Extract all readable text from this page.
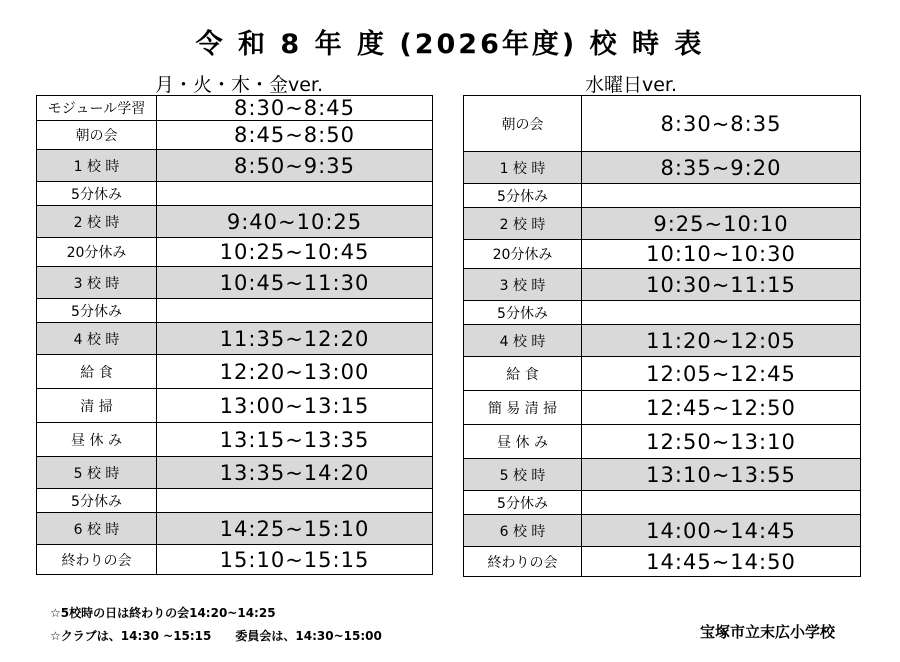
令 和 8 年 度 (2026年度) 校 時 表
月・火・木・金ver.	水曜日ver.
モジュール学習	8:30~8:45
朝の会	8:45~8:50
1 校 時	8:50~9:35
5分休み	
2 校 時	9:40~10:25
20分休み	10:25~10:45
3 校 時	10:45~11:30
5分休み	
4 校 時	11:35~12:20
給 食	12:20~13:00
清 掃	13:00~13:15
昼 休 み	13:15~13:35
5 校 時	13:35~14:20
5分休み	
6 校 時	14:25~15:10
終わりの会	15:10~15:15
朝の会	8:30~8:35
1 校 時	8:35~9:20
5分休み	
2 校 時	9:25~10:10
20分休み	10:10~10:30
3 校 時	10:30~11:15
5分休み	
4 校 時	11:20~12:05
給 食	12:05~12:45
簡 易 清 掃	12:45~12:50
昼 休 み	12:50~13:10
5 校 時	13:10~13:55
5分休み	
6 校 時	14:00~14:45
終わりの会	14:45~14:50
☆5校時の日は終わりの会14:20~14:25
☆クラブは、14:30 ~15:15　　委員会は、14:30~15:00	宝塚市立末広小学校
